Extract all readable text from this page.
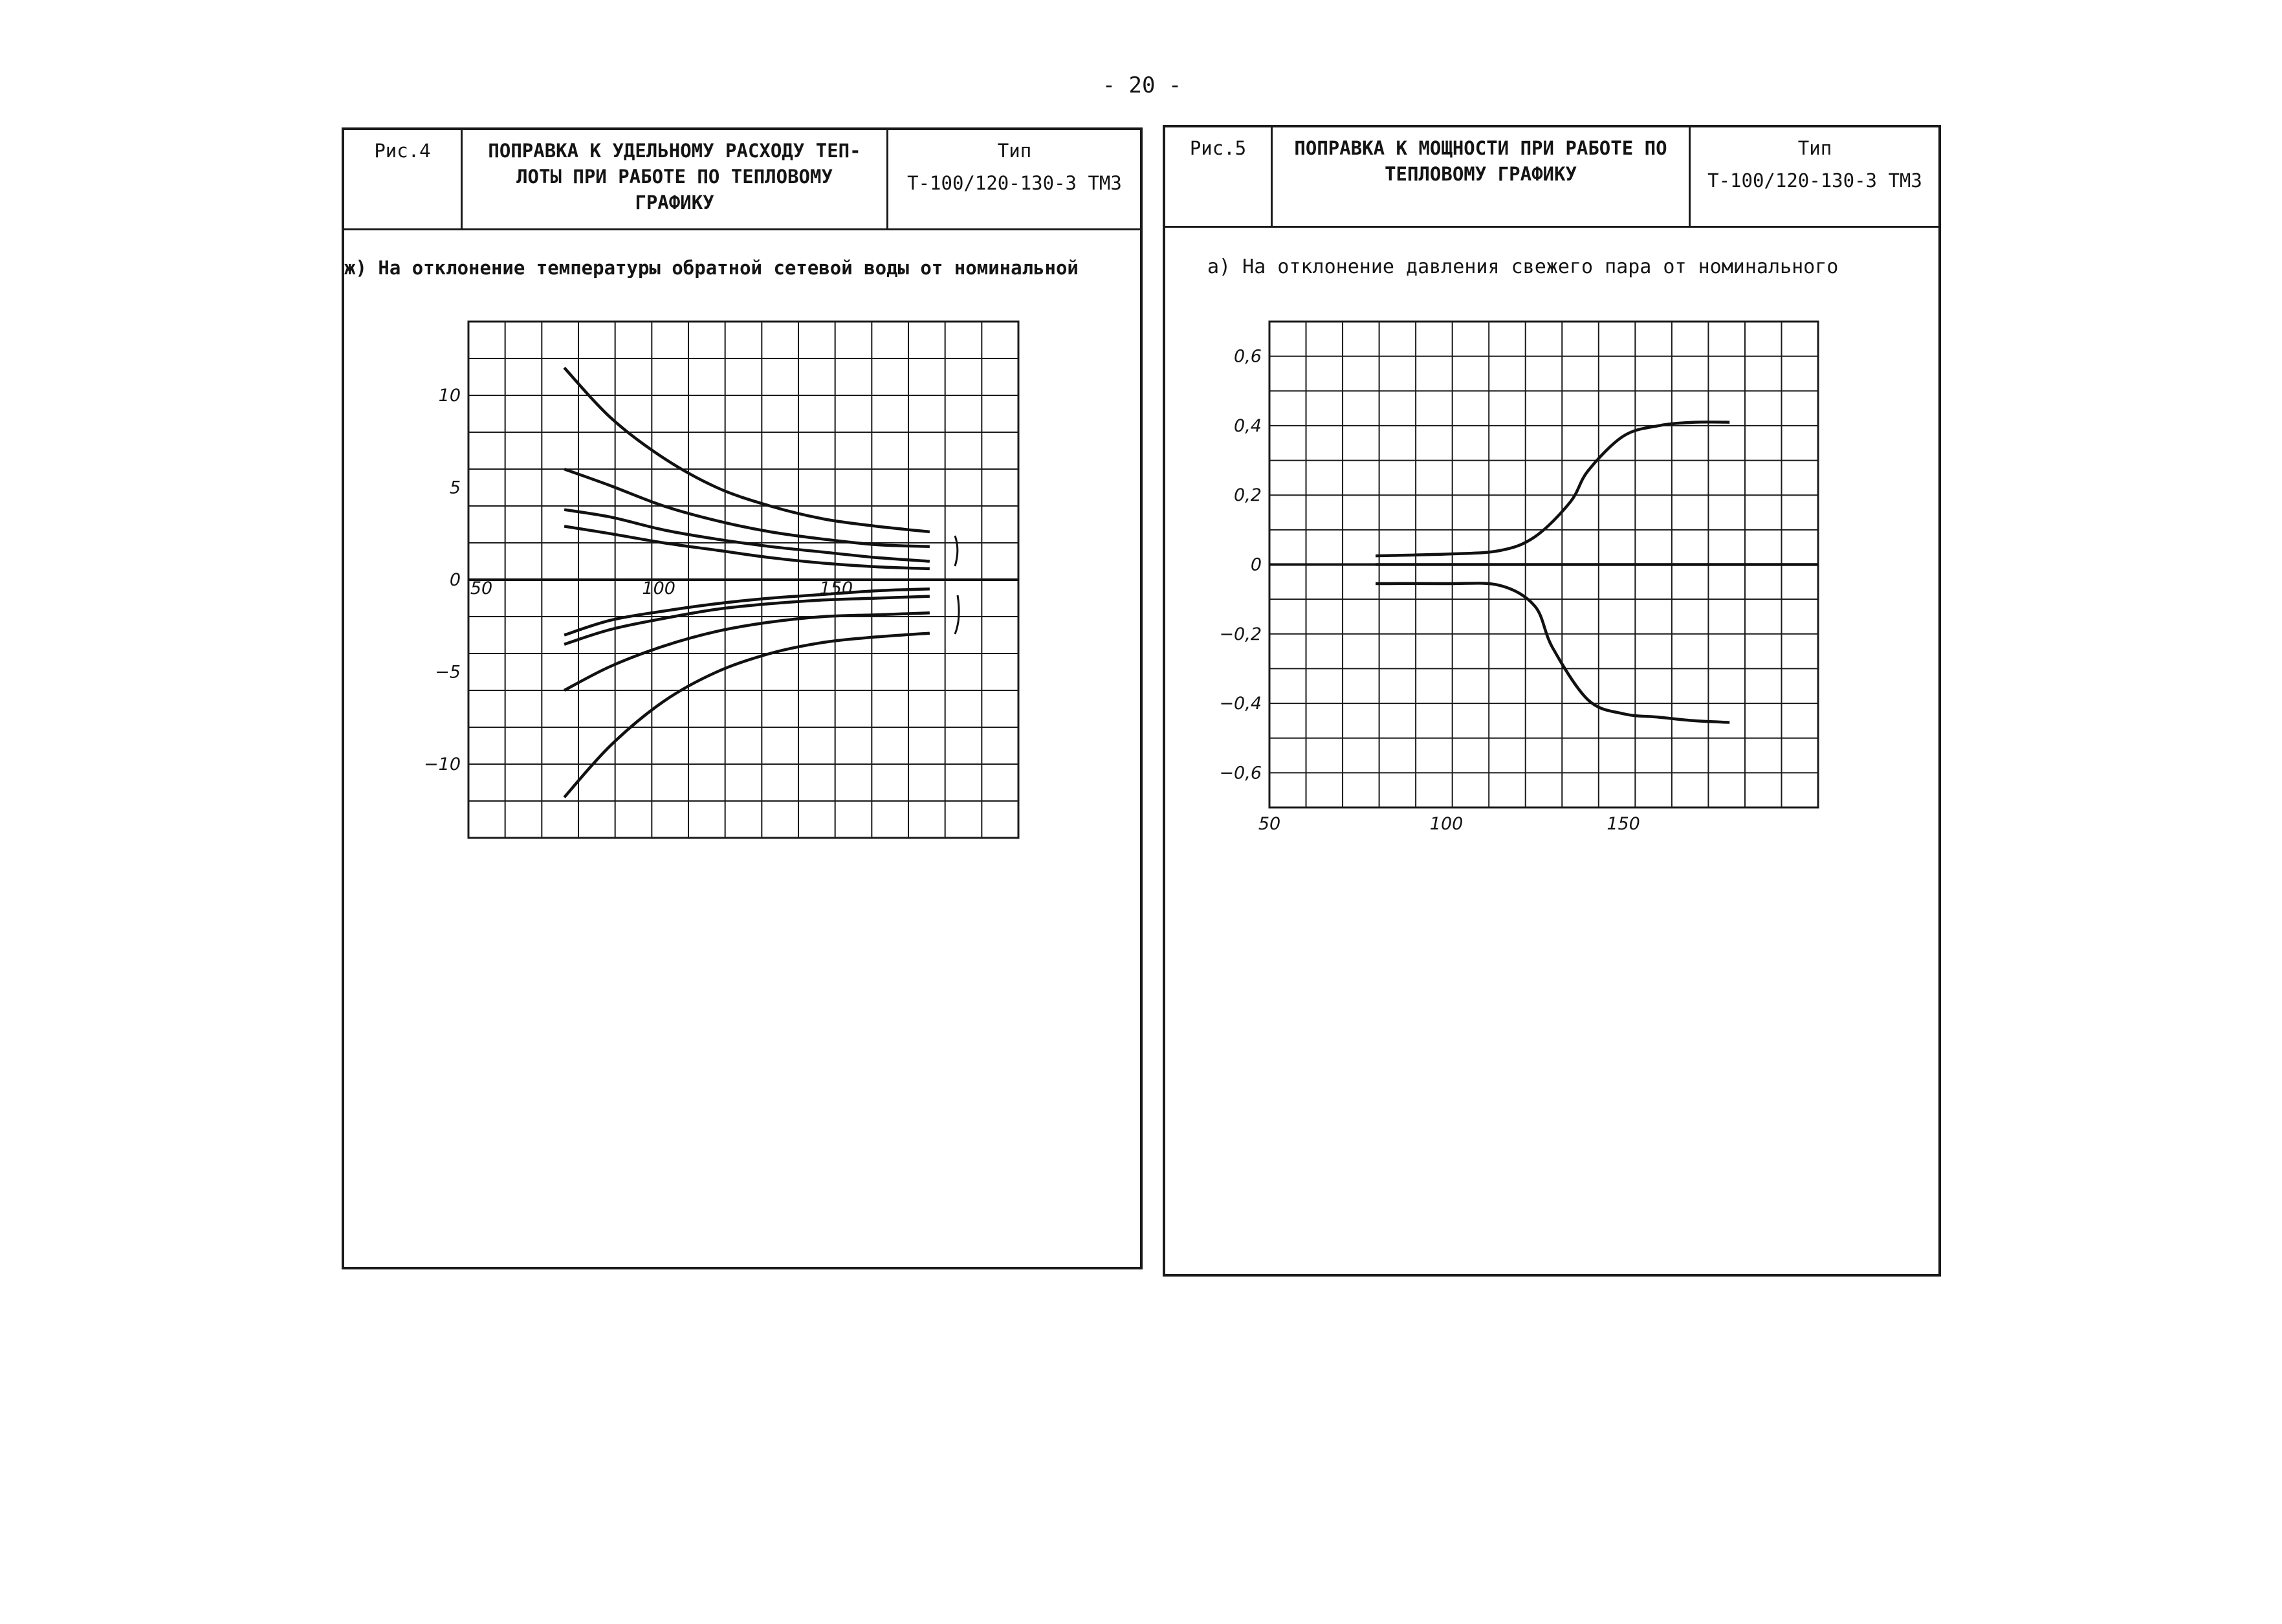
- 20 -
Рис.4	ПОПРАВКА К УДЕЛЬНОМУ РАСХОДУ ТЕП-ЛОТЫ ПРИ РАБОТЕ ПО ТЕПЛОВОМУ ГРАФИКУ
Тип
Т-100/120-130-3 ТМЗ
ж) На отклонение температуры обратной сетевой воды от номинальной
Рис.5	ПОПРАВКА К МОЩНОСТИ ПРИ РАБОТЕ ПО ТЕПЛОВОМУ ГРАФИКУ
Тип
Т-100/120-130-3 ТМЗ
а) На отклонение давления свежего пара от номинального
10
5
0
−5
−10
50	100	150
0,6
0,4
0,2
0
−0,2
−0,4
−0,6
50	100	150
